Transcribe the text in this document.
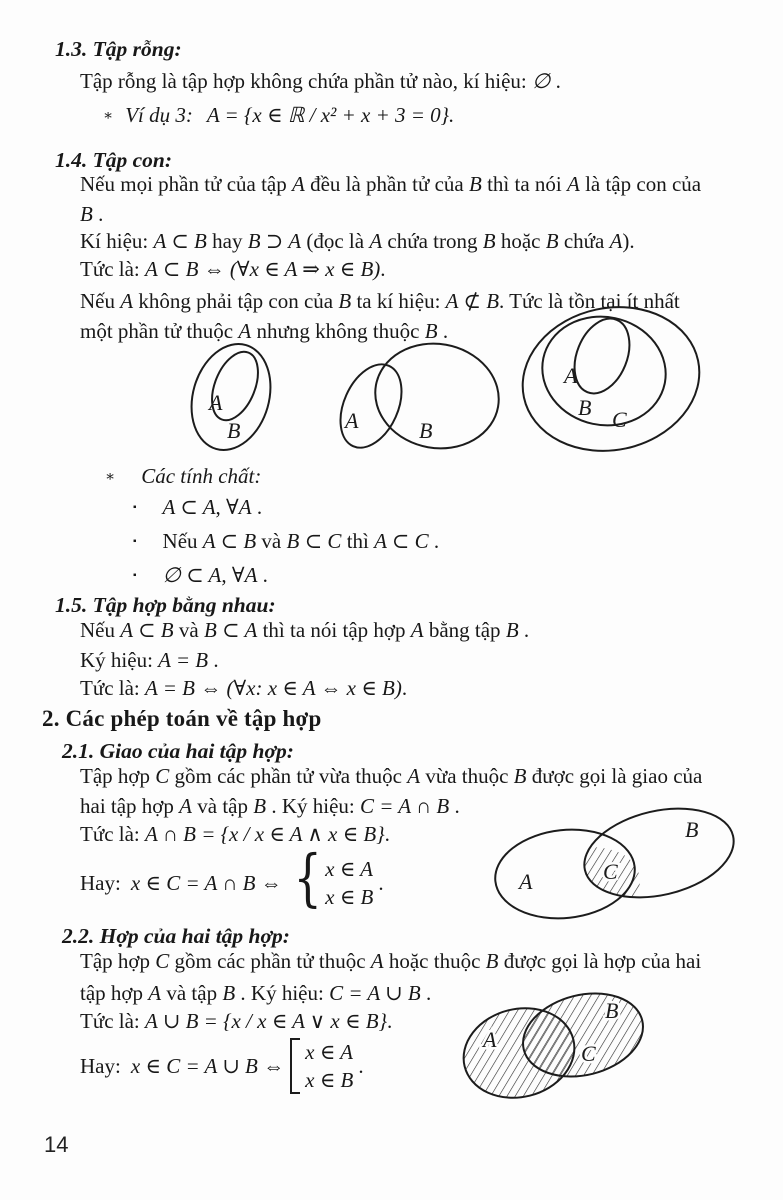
1.3. Tập rỗng:
Tập rỗng là tập hợp không chứa phần tử nào, kí hiệu: ∅ .
∗ Ví dụ 3: A = {x ∈ ℝ / x² + x + 3 = 0}.
1.4. Tập con:
Nếu mọi phần tử của tập A đều là phần tử của B thì ta nói A là tập con của
B .
Kí hiệu: A ⊂ B hay B ⊃ A (đọc là A chứa trong B hoặc B chứa A).
Tức là: A ⊂ B ⇔ (∀x ∈ A ⇒ x ∈ B).
Nếu A không phải tập con của B ta kí hiệu: A ⊄ B. Tức là tồn tại ít nhất
một phần tử thuộc A nhưng không thuộc B .
A
B	A	B
A
B C
∗ Các tính chất:
▪ A ⊂ A, ∀A .
▪ Nếu A ⊂ B và B ⊂ C thì A ⊂ C .
▪ ∅ ⊂ A, ∀A .
1.5. Tập hợp bằng nhau:
Nếu A ⊂ B và B ⊂ A thì ta nói tập hợp A bằng tập B .
Ký hiệu: A = B .
Tức là: A = B ⇔ (∀x: x ∈ A ⇔ x ∈ B).
2. Các phép toán về tập hợp
2.1. Giao của hai tập hợp:
Tập hợp C gồm các phần tử vừa thuộc A vừa thuộc B được gọi là giao của
hai tập hợp A và tập B . Ký hiệu: C = A ∩ B .
Tức là: A ∩ B = {x / x ∈ A ∧ x ∈ B}.
Hay: x ∈ C = A ∩ B ⇔ { x ∈ A
x ∈ B
.	A
B
C
2.2. Hợp của hai tập hợp:
Tập hợp C gồm các phần tử thuộc A hoặc thuộc B được gọi là hợp của hai
tập hợp A và tập B . Ký hiệu: C = A ∪ B .
Tức là: A ∪ B = {x / x ∈ A ∨ x ∈ B}.
Hay: x ∈ C = A ∪ B ⇔
x ∈ A
x ∈ B
.
A
B
C
14
